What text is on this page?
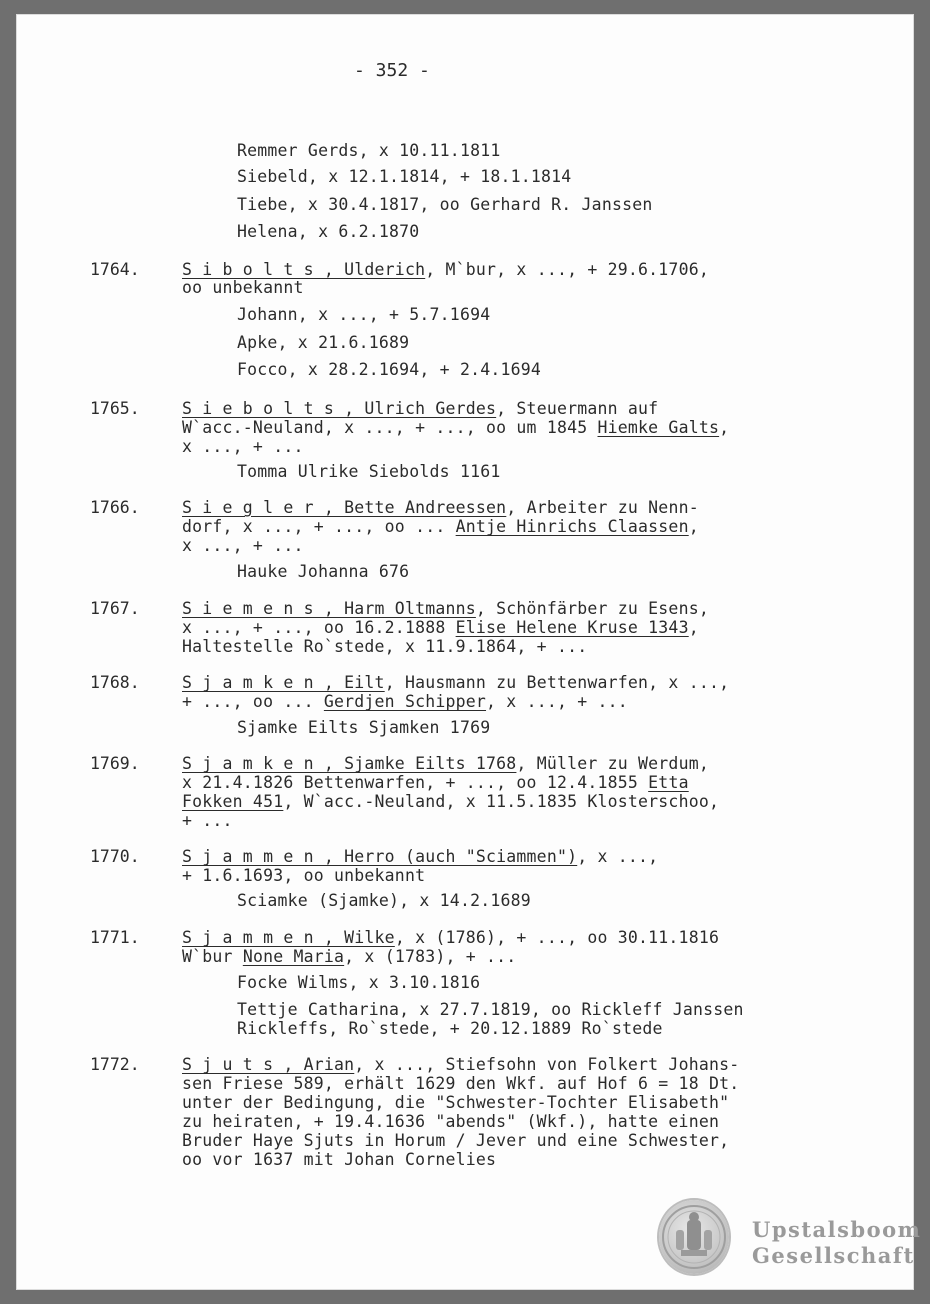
- 352 -
Remmer Gerds, x 10.11.1811
Siebeld, x 12.1.1814, + 18.1.1814
Tiebe, x 30.4.1817, oo Gerhard R. Janssen
Helena, x 6.2.1870
1764.	S i b o l t s , Ulderich, M`bur, x ..., + 29.6.1706,
oo unbekannt
Johann, x ..., + 5.7.1694
Apke, x 21.6.1689
Focco, x 28.2.1694, + 2.4.1694
1765.	S i e b o l t s , Ulrich Gerdes, Steuermann auf
W`acc.-Neuland, x ..., + ..., oo um 1845 Hiemke Galts,
x ..., + ...
Tomma Ulrike Siebolds 1161
1766.	S i e g l e r , Bette Andreessen, Arbeiter zu Nenn-
dorf, x ..., + ..., oo ... Antje Hinrichs Claassen,
x ..., + ...
Hauke Johanna 676
1767.	S i e m e n s , Harm Oltmanns, Schönfärber zu Esens,
x ..., + ..., oo 16.2.1888 Elise Helene Kruse 1343,
Haltestelle Ro`stede, x 11.9.1864, + ...
1768.	S j a m k e n , Eilt, Hausmann zu Bettenwarfen, x ...,
+ ..., oo ... Gerdjen Schipper, x ..., + ...
Sjamke Eilts Sjamken 1769
1769.	S j a m k e n , Sjamke Eilts 1768, Müller zu Werdum,
x 21.4.1826 Bettenwarfen, + ..., oo 12.4.1855 Etta
Fokken 451, W`acc.-Neuland, x 11.5.1835 Klosterschoo,
+ ...
1770.	S j a m m e n , Herro (auch "Sciammen"), x ...,
+ 1.6.1693, oo unbekannt
Sciamke (Sjamke), x 14.2.1689
1771.	S j a m m e n , Wilke, x (1786), + ..., oo 30.11.1816
W`bur None Maria, x (1783), + ...
Focke Wilms, x 3.10.1816
Tettje Catharina, x 27.7.1819, oo Rickleff Janssen
Rickleffs, Ro`stede, + 20.12.1889 Ro`stede
1772.	S j u t s , Arian, x ..., Stiefsohn von Folkert Johans-
sen Friese 589, erhält 1629 den Wkf. auf Hof 6 = 18 Dt.
unter der Bedingung, die "Schwester-Tochter Elisabeth"
zu heiraten, + 19.4.1636 "abends" (Wkf.), hatte einen
Bruder Haye Sjuts in Horum / Jever und eine Schwester,
oo vor 1637 mit Johan Cornelies
Upstalsboom
Gesellschaft
